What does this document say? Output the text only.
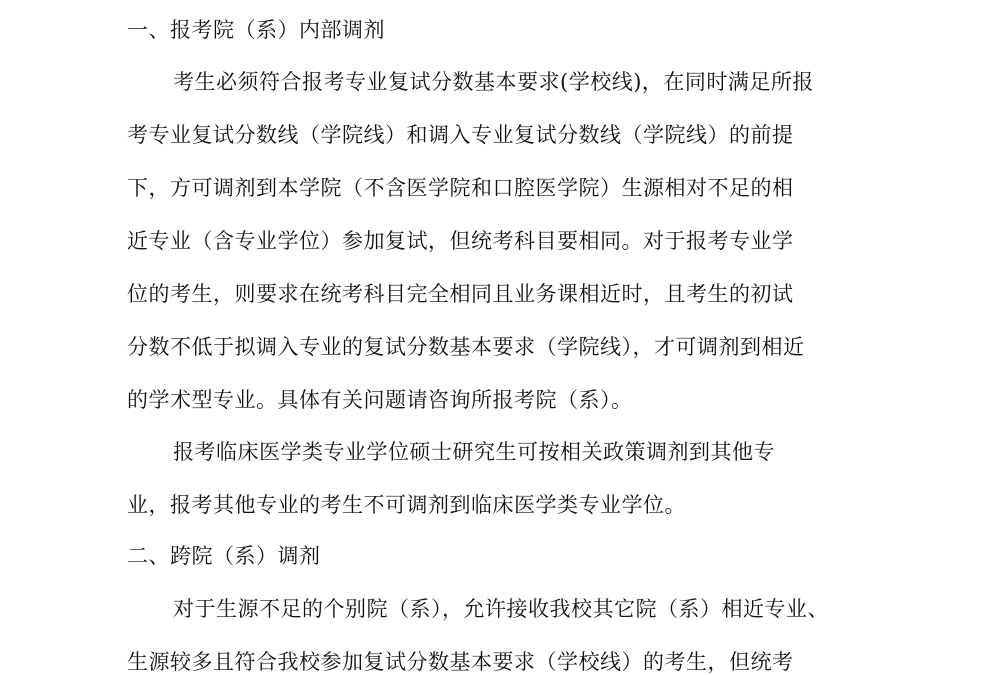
一、报考院（系）内部调剂
考生必须符合报考专业复试分数基本要求(学校线)，在同时满足所报
考专业复试分数线（学院线）和调入专业复试分数线（学院线）的前提
下，方可调剂到本学院（不含医学院和口腔医学院）生源相对不足的相
近专业（含专业学位）参加复试，但统考科目要相同。对于报考专业学
位的考生，则要求在统考科目完全相同且业务课相近时，且考生的初试
分数不低于拟调入专业的复试分数基本要求（学院线），才可调剂到相近
的学术型专业。具体有关问题请咨询所报考院（系）。
报考临床医学类专业学位硕士研究生可按相关政策调剂到其他专
业，报考其他专业的考生不可调剂到临床医学类专业学位。
二、跨院（系）调剂
对于生源不足的个别院（系），允许接收我校其它院（系）相近专业、
生源较多且符合我校参加复试分数基本要求（学校线）的考生，但统考
